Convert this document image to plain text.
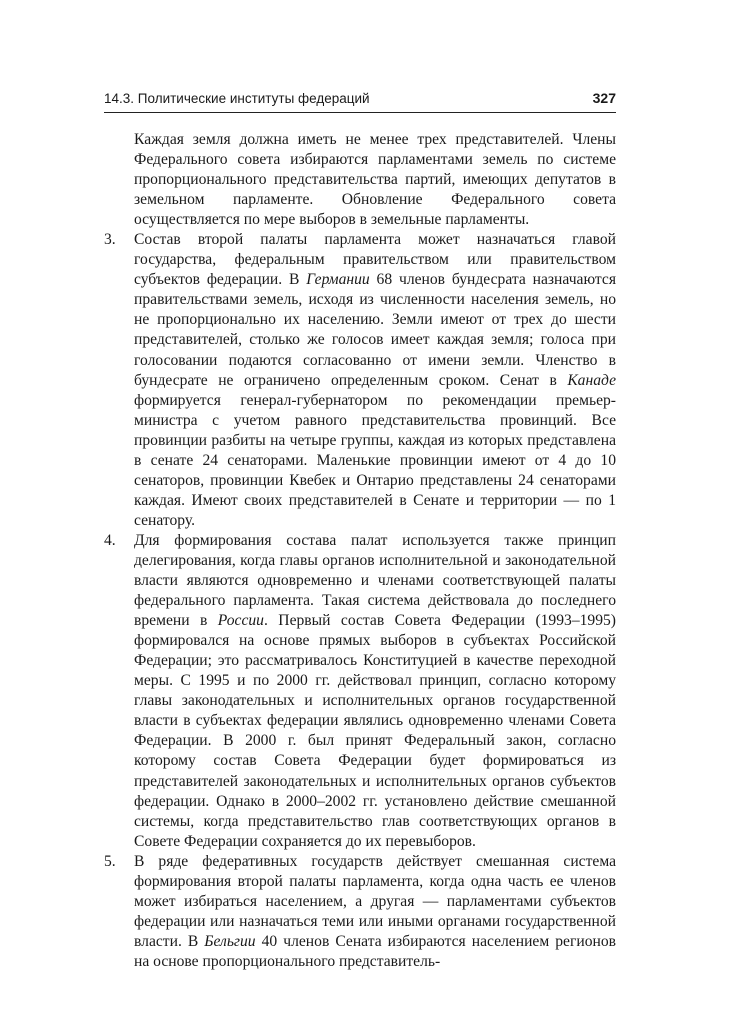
14.3. Политические институты федераций	327

Каждая земля должна иметь не менее трех представителей. Члены Федерального совета избираются парламентами земель по системе пропорционального представительства партий, имеющих депутатов в земельном парламенте. Обновление Федерального совета осуществляется по мере выборов в земельные парламенты.

3. Состав второй палаты парламента может назначаться главой государства, федеральным правительством или правительством субъектов федерации. В Германии 68 членов бундесрата назначаются правительствами земель, исходя из численности населения земель, но не пропорционально их населению. Земли имеют от трех до шести представителей, столько же голосов имеет каждая земля; голоса при голосовании подаются согласованно от имени земли. Членство в бундесрате не ограничено определенным сроком. Сенат в Канаде формируется генерал-губернатором по рекомендации премьер-министра с учетом равного представительства провинций. Все провинции разбиты на четыре группы, каждая из которых представлена в сенате 24 сенаторами. Маленькие провинции имеют от 4 до 10 сенаторов, провинции Квебек и Онтарио представлены 24 сенаторами каждая. Имеют своих представителей в Сенате и территории — по 1 сенатору.

4. Для формирования состава палат используется также принцип делегирования, когда главы органов исполнительной и законодательной власти являются одновременно и членами соответствующей палаты федерального парламента. Такая система действовала до последнего времени в России. Первый состав Совета Федерации (1993–1995) формировался на основе прямых выборов в субъектах Российской Федерации; это рассматривалось Конституцией в качестве переходной меры. С 1995 и по 2000 гг. действовал принцип, согласно которому главы законодательных и исполнительных органов государственной власти в субъектах федерации являлись одновременно членами Совета Федерации. В 2000 г. был принят Федеральный закон, согласно которому состав Совета Федерации будет формироваться из представителей законодательных и исполнительных органов субъектов федерации. Однако в 2000–2002 гг. установлено действие смешанной системы, когда представительство глав соответствующих органов в Совете Федерации сохраняется до их перевыборов.

5. В ряде федеративных государств действует смешанная система формирования второй палаты парламента, когда одна часть ее членов может избираться населением, а другая — парламентами субъектов федерации или назначаться теми или иными органами государственной власти. В Бельгии 40 членов Сената избираются населением регионов на основе пропорционального представитель-
